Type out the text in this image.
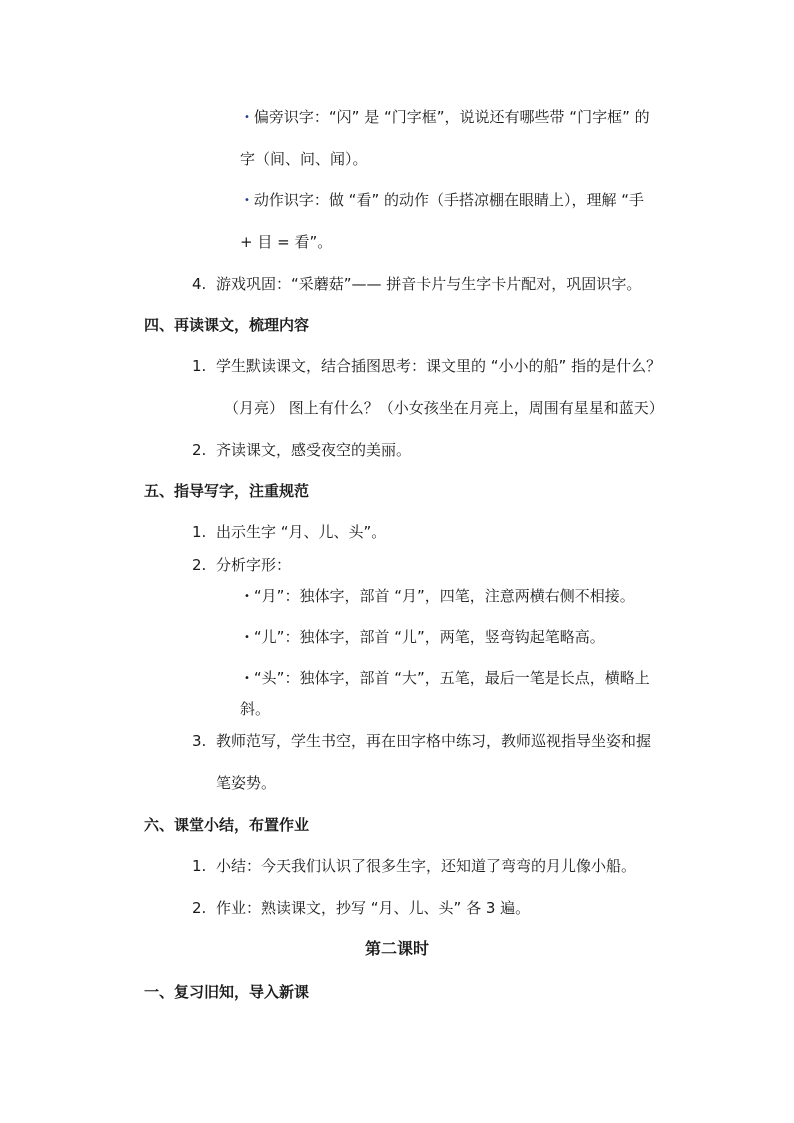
• 偏旁识字：“闪” 是 “门字框”，说说还有哪些带 “门字框” 的
字（间、问、闻）。
• 动作识字：做 “看” 的动作（手搭凉棚在眼睛上），理解 “手
+ 目 = 看”。
4. 游戏巩固：“采蘑菇”—— 拼音卡片与生字卡片配对，巩固识字。
四、再读课文，梳理内容
1. 学生默读课文，结合插图思考：课文里的 “小小的船” 指的是什么？
（月亮） 图上有什么？（小女孩坐在月亮上，周围有星星和蓝天）
2. 齐读课文，感受夜空的美丽。
五、指导写字，注重规范
1. 出示生字 “月、儿、头”。
2. 分析字形：
• “月”：独体字，部首 “月”，四笔，注意两横右侧不相接。
• “儿”：独体字，部首 “儿”，两笔，竖弯钩起笔略高。
• “头”：独体字，部首 “大”，五笔，最后一笔是长点，横略上
斜。
3. 教师范写，学生书空，再在田字格中练习，教师巡视指导坐姿和握
笔姿势。
六、课堂小结，布置作业
1. 小结：今天我们认识了很多生字，还知道了弯弯的月儿像小船。
2. 作业：熟读课文，抄写 “月、儿、头” 各 3 遍。
第二课时
一、复习旧知，导入新课
